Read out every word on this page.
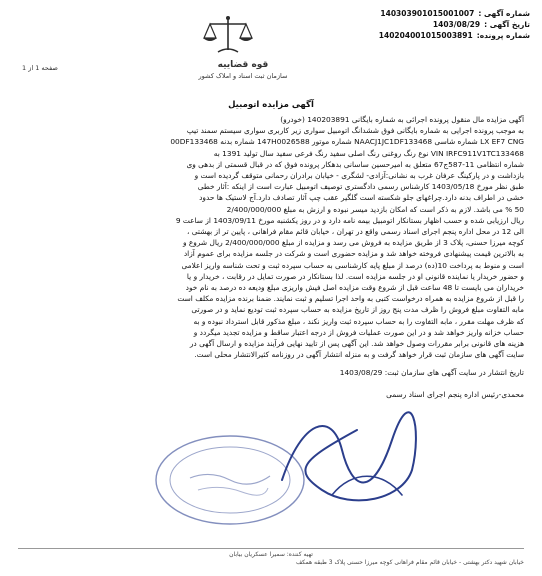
شماره آگهی :
140303901015001007
تاریخ آگهی :
1403/08/29
شماره پرونده:
140204001015003891
قوه قضاییه
سازمان ثبت اسناد و املاک کشور
صفحه 1 از 1
آگهی مزایده اتومبیل
آگهی مزایده مال منقول پرونده اجرائی به شماره بایگانی 140203891 (خودرو)
به موجب پرونده اجرایی به شماره بایگانی فوق ششدانگ اتومبیل سواری زیر کاربری سواری سیستم سمند تیپ
LX EF7 CNG شماره شاسی NAACJ1JC1DF133468 شماره موتور 147H0026588 شماره بدنه 00DF133468
VIN IRFC911V1TC133468 نوع رنگ روغنی رنگ اصلی سفید رنگ فرعی سفید سال تولید 1391 به
شماره انتظامی 11-587ج67 متعلق به امیرحسین ساسانی بدهکار پرونده فوق که در قبال قسمتی از بدهی وی
بازداشت و در پارکینگ عرفان غرب به نشانی:آزادی- لشگری - خیابان برادران رحمانی متوقف گردیده است و
طبق نظر مورخ 1403/05/18 کارشناس رسمی دادگستری توصیف اتومبیل عبارت است از اینکه :آثار خطی
خشی در اطراف بدنه دارد.چراغهای جلو شکسته است گلگیر عقب چپ آثار تصادف دارد.آج لاستیک ها حدود
50 % می باشد. لازم به ذکر است که امکان بازدید میسر نبوده و ارزش به مبلغ 2/400/000/000
ریال ارزیابی شده و حسب اظهار بستانکار اتومبیل بیمه نامه دارد و در روز یکشنبه مورخ 1403/09/11 از ساعت 9
الی 12 در محل اداره پنجم اجرای اسناد رسمی واقع در تهران ، خیابان قائم مقام فراهانی ، پایین تر از بهشتی ،
کوچه میرزا حسنی، پلاک 3 از طریق مزایده به فروش می رسد و مزایده از مبلغ 2/400/000/000 ریال شروع و
به بالاترین قیمت پیشنهادی فروخته خواهد شد و مزایده حضوری است و شرکت در جلسه مزایده برای عموم آزاد
است و منوط به پرداخت 10(ده) درصد از مبلغ پایه کارشناسی به حساب سپرده ثبت و تحت شناسه واریز اعلامی
و حضور خریدار یا نماینده قانونی او در جلسه مزایده است. لذا بستانکار در صورت تمایل در رقابت ، خریدار و یا
خریداران می بایست تا 48 ساعت قبل از شروع وقت مزایده اصل فیش واریزی مبلغ ودیعه ده درصد به نام خود
را قبل از شروع مزایده به همراه درخواست کتبی به واحد اجرا تسلیم و ثبت نمایند. ضمنا برنده مزایده مکلف است
مابه التفاوت مبلغ فروش را ظرف مدت پنج روز از تاریخ مزایده به حساب سپرده ثبت تودیع نماید و در صورتی
که ظرف مهلت مقرر ، مابه التفاوت را به حساب سپرده ثبت واریز نکند ، مبلغ مذکور قابل استرداد نبوده و به
حساب خزانه واریز خواهد شد و در این صورت عملیات فروش از درجه اعتبار ساقط و مزایده تجدید میگردد و
هزینه های قانونی برابر مقررات وصول خواهد شد. این آگهی پس از تایید نهایی فرآیند مزایده و ارسال آگهی در
سایت آگهی های سازمان ثبت قرار خواهد گرفت و به منزله انتشار آگهی در روزنامه کثیرالانتشار محلی است.
تاریخ انتشار در سایت آگهی های سازمان ثبت: 1403/08/29
محمدی-رئیس اداره پنجم اجرای اسناد رسمی
تهیه کننده: سمیرا عسکریان بیابان
خیابان شهید دکتر بهشتی - خیابان قائم مقام فراهانی کوچه میرزا حسنی پلاک 3 طبقه همکف
